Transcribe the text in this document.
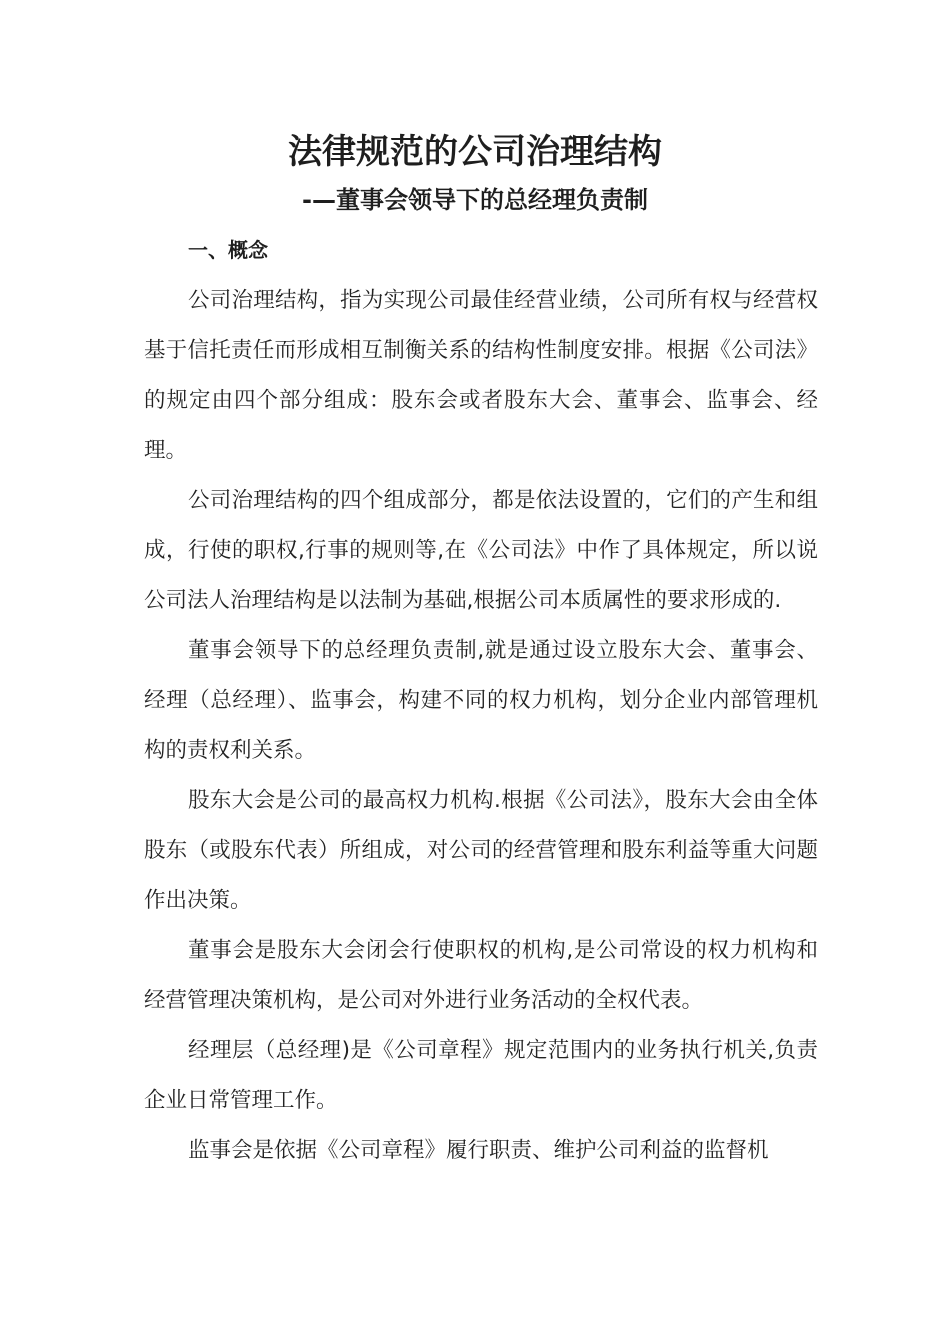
法律规范的公司治理结构
-—董事会领导下的总经理负责制
一、概念

公司治理结构，指为实现公司最佳经营业绩，公司所有权与经营权基于信托责任而形成相互制衡关系的结构性制度安排。根据《公司法》的规定由四个部分组成：股东会或者股东大会、董事会、监事会、经理。

公司治理结构的四个组成部分，都是依法设置的，它们的产生和组成，行使的职权,行事的规则等,在《公司法》中作了具体规定，所以说公司法人治理结构是以法制为基础,根据公司本质属性的要求形成的.

董事会领导下的总经理负责制,就是通过设立股东大会、董事会、经理（总经理）、监事会，构建不同的权力机构，划分企业内部管理机构的责权利关系。

股东大会是公司的最高权力机构.根据《公司法》，股东大会由全体股东（或股东代表）所组成，对公司的经营管理和股东利益等重大问题作出决策。

董事会是股东大会闭会行使职权的机构,是公司常设的权力机构和经营管理决策机构，是公司对外进行业务活动的全权代表。

经理层（总经理)是《公司章程》规定范围内的业务执行机关,负责企业日常管理工作。

监事会是依据《公司章程》履行职责、维护公司利益的监督机
